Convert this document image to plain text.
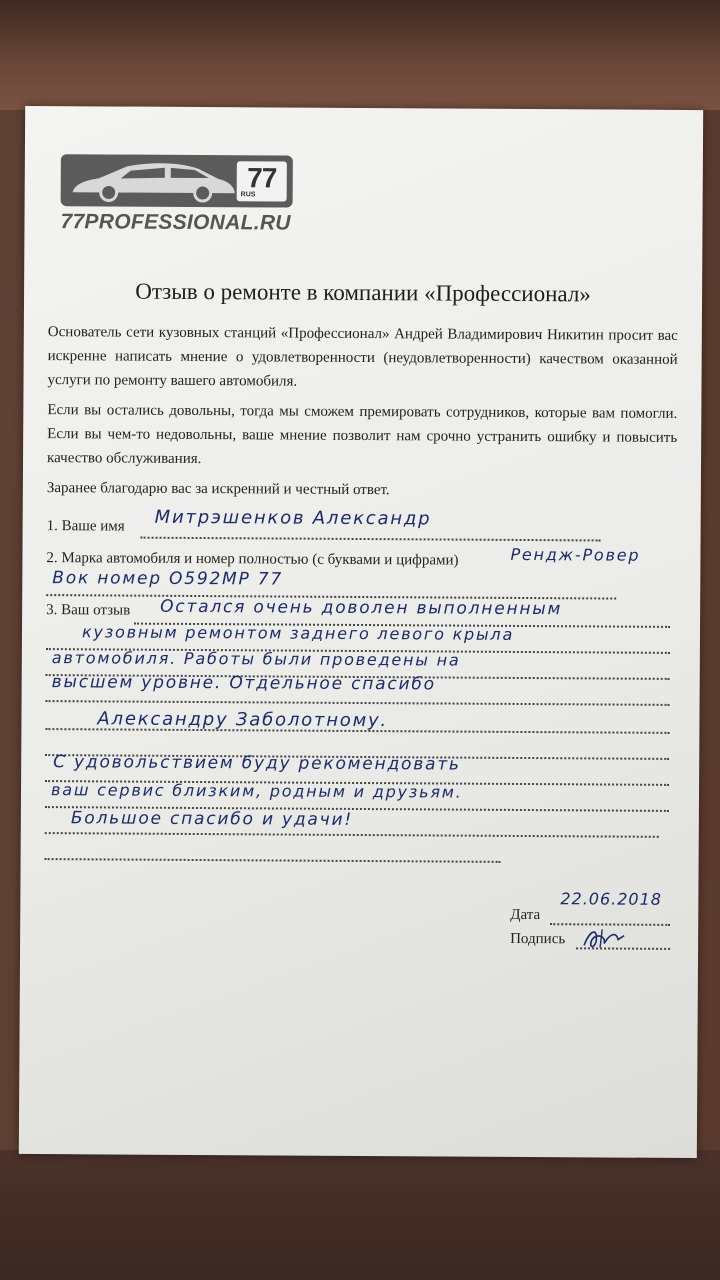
77
RUS
77PROFESSIONAL.RU
Отзыв о ремонте в компании «Профессионал»
Основатель сети кузовных станций «Профессионал» Андрей Владимирович Никитин просит вас искренне написать мнение о удовлетворенности (неудовлетворенности) качеством оказанной услуги по ремонту вашего автомобиля.
Если вы остались довольны, тогда мы сможем премировать сотрудников, которые вам помогли. Если вы чем-то недовольны, ваше мнение позволит нам срочно устранить ошибку и повысить качество обслуживания.
Заранее благодарю вас за искренний и честный ответ.
1. Ваше имя Митрэшенков Александр
2. Марка автомобиля и номер полностью (с буквами и цифрами)	Рендж-Ровер
Вок номер О592МР 77
3. Ваш отзыв Остался очень доволен выполненным
кузовным ремонтом заднего левого крыла
автомобиля. Работы были проведены на
высшем уровне. Отдельное спасибо
Александру Заболотному.
С удовольствием буду рекомендовать
ваш сервис близким, родным и друзьям.
Большое спасибо и удачи!
Дата
22.06.2018
Подпись
